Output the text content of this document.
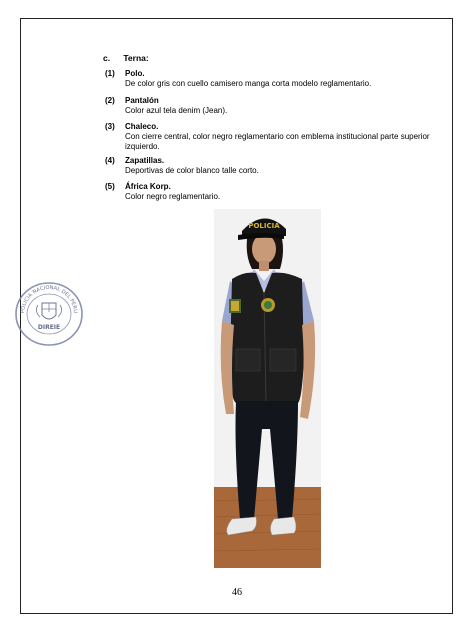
c. Terna:
(1)	Polo.
De color gris con cuello camisero manga corta modelo reglamentario.
(2)	Pantalón
Color azul tela denim (Jean).
(3)	Chaleco.
Con cierre central, color negro reglamentario con emblema institucional parte superior izquierdo.
(4)	Zapatillas.
Deportivas de color blanco talle corto.
(5)	África Korp.
Color negro reglamentario.
POLICIA
POLICIA NACIONAL DEL PERU
DIREIE
46
